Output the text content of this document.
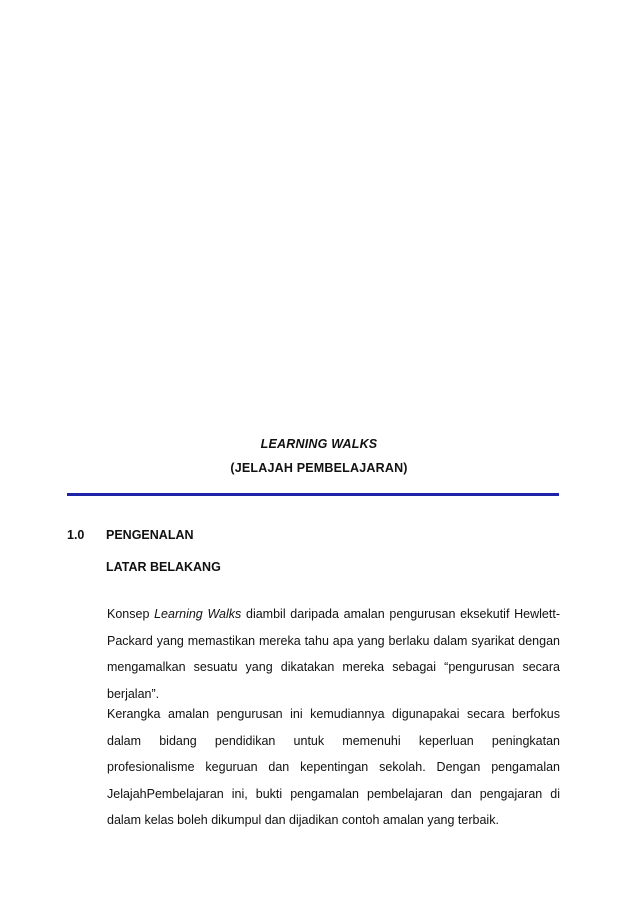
LEARNING WALKS
(JELAJAH PEMBELAJARAN)
1.0 PENGENALAN
LATAR BELAKANG

Konsep Learning Walks diambil daripada amalan pengurusan eksekutif Hewlett-Packard yang memastikan mereka tahu apa yang berlaku dalam syarikat dengan mengamalkan sesuatu yang dikatakan mereka sebagai “pengurusan secara berjalan”.

Kerangka amalan pengurusan ini kemudiannya digunapakai secara berfokus dalam bidang pendidikan untuk memenuhi keperluan peningkatan profesionalisme keguruan dan kepentingan sekolah. Dengan pengamalan JelajahPembelajaran ini, bukti pengamalan pembelajaran dan pengajaran di dalam kelas boleh dikumpul dan dijadikan contoh amalan yang terbaik.
